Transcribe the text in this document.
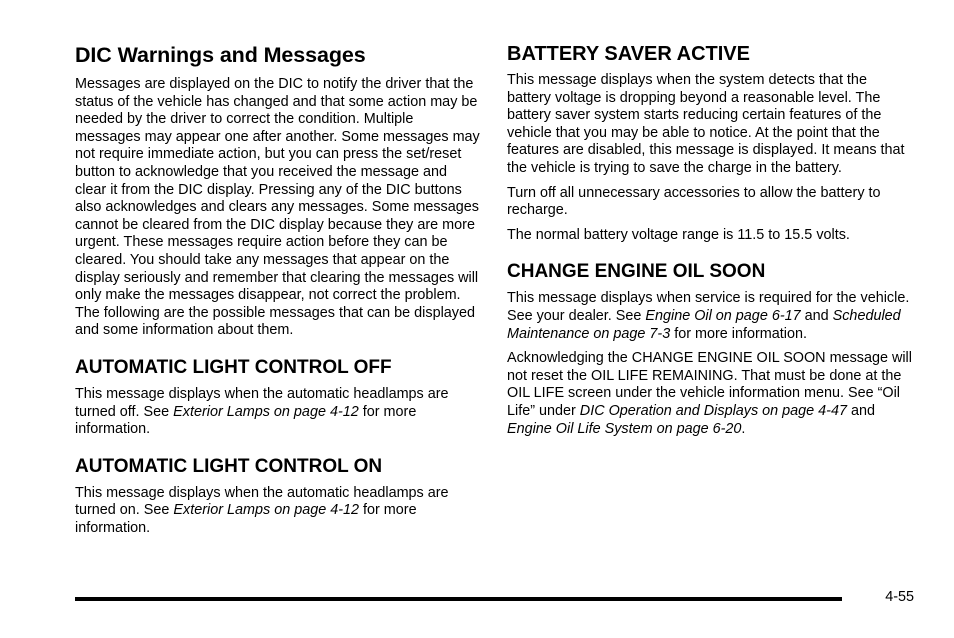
DIC Warnings and Messages

Messages are displayed on the DIC to notify the driver that the status of the vehicle has changed and that some action may be needed by the driver to correct the condition. Multiple messages may appear one after another. Some messages may not require immediate action, but you can press the set/reset button to acknowledge that you received the message and clear it from the DIC display. Pressing any of the DIC buttons also acknowledges and clears any messages. Some messages cannot be cleared from the DIC display because they are more urgent. These messages require action before they can be cleared. You should take any messages that appear on the display seriously and remember that clearing the messages will only make the messages disappear, not correct the problem. The following are the possible messages that can be displayed and some information about them.

AUTOMATIC LIGHT CONTROL OFF

This message displays when the automatic headlamps are turned off. See Exterior Lamps on page 4-12 for more information.

AUTOMATIC LIGHT CONTROL ON

This message displays when the automatic headlamps are turned on. See Exterior Lamps on page 4-12 for more information.

BATTERY SAVER ACTIVE

This message displays when the system detects that the battery voltage is dropping beyond a reasonable level. The battery saver system starts reducing certain features of the vehicle that you may be able to notice. At the point that the features are disabled, this message is displayed. It means that the vehicle is trying to save the charge in the battery.

Turn off all unnecessary accessories to allow the battery to recharge.

The normal battery voltage range is 11.5 to 15.5 volts.

CHANGE ENGINE OIL SOON

This message displays when service is required for the vehicle. See your dealer. See Engine Oil on page 6-17 and Scheduled Maintenance on page 7-3 for more information.

Acknowledging the CHANGE ENGINE OIL SOON message will not reset the OIL LIFE REMAINING. That must be done at the OIL LIFE screen under the vehicle information menu. See “Oil Life” under DIC Operation and Displays on page 4-47 and Engine Oil Life System on page 6-20.

4-55
